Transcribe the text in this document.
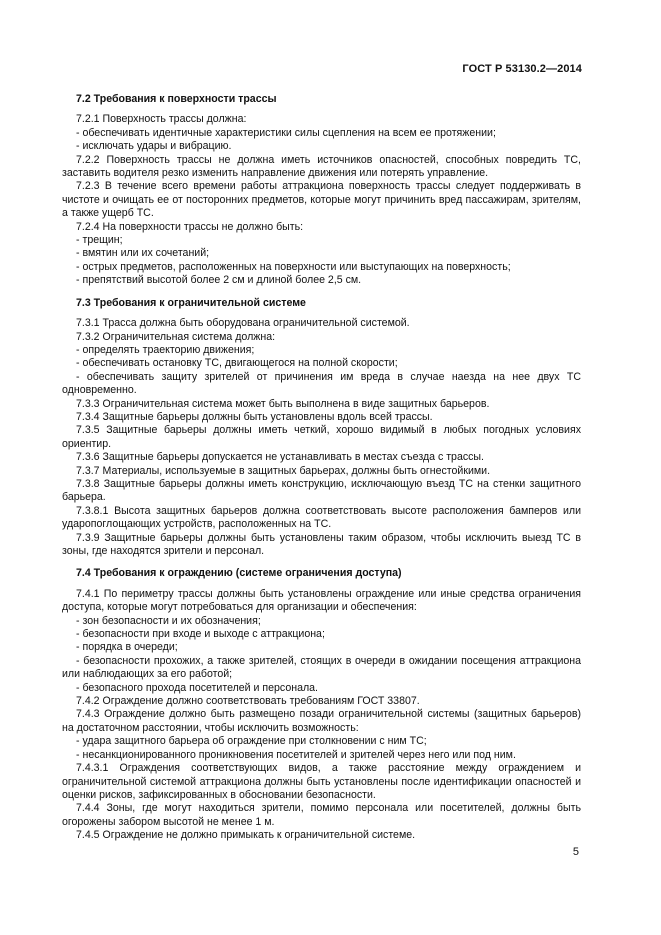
ГОСТ Р 53130.2—2014
7.2 Требования к поверхности трассы

7.2.1 Поверхность трассы должна:

- обеспечивать идентичные характеристики силы сцепления на всем ее протяжении;

- исключать удары и вибрацию.

7.2.2 Поверхность трассы не должна иметь источников опасностей, способных повредить ТС, заставить водителя резко изменить направление движения или потерять управление.

7.2.3 В течение всего времени работы аттракциона поверхность трассы следует поддерживать в чистоте и очищать ее от посторонних предметов, которые могут причинить вред пассажирам, зрителям, а также ущерб ТС.

7.2.4 На поверхности трассы не должно быть:

- трещин;

- вмятин или их сочетаний;

- острых предметов, расположенных на поверхности или выступающих на поверхность;

- препятствий высотой более 2 см и длиной более 2,5 см.

7.3 Требования к ограничительной системе

7.3.1 Трасса должна быть оборудована ограничительной системой.

7.3.2 Ограничительная система должна:

- определять траекторию движения;

- обеспечивать остановку ТС, двигающегося на полной скорости;

- обеспечивать защиту зрителей от причинения им вреда в случае наезда на нее двух ТС одновременно.

7.3.3 Ограничительная система может быть выполнена в виде защитных барьеров.

7.3.4 Защитные барьеры должны быть установлены вдоль всей трассы.

7.3.5 Защитные барьеры должны иметь четкий, хорошо видимый в любых погодных условиях ориентир.

7.3.6 Защитные барьеры допускается не устанавливать в местах съезда с трассы.

7.3.7 Материалы, используемые в защитных барьерах, должны быть огнестойкими.

7.3.8 Защитные барьеры должны иметь конструкцию, исключающую въезд ТС на стенки защитного барьера.

7.3.8.1 Высота защитных барьеров должна соответствовать высоте расположения бамперов или ударопоглощающих устройств, расположенных на ТС.

7.3.9 Защитные барьеры должны быть установлены таким образом, чтобы исключить выезд ТС в зоны, где находятся зрители и персонал.

7.4 Требования к ограждению (системе ограничения доступа)

7.4.1 По периметру трассы должны быть установлены ограждение или иные средства ограничения доступа, которые могут потребоваться для организации и обеспечения:

- зон безопасности и их обозначения;

- безопасности при входе и выходе с аттракциона;

- порядка в очереди;

- безопасности прохожих, а также зрителей, стоящих в очереди в ожидании посещения аттракциона или наблюдающих за его работой;

- безопасного прохода посетителей и персонала.

7.4.2 Ограждение должно соответствовать требованиям ГОСТ 33807.

7.4.3 Ограждение должно быть размещено позади ограничительной системы (защитных барьеров) на достаточном расстоянии, чтобы исключить возможность:

- удара защитного барьера об ограждение при столкновении с ним ТС;

- несанкционированного проникновения посетителей и зрителей через него или под ним.

7.4.3.1 Ограждения соответствующих видов, а также расстояние между ограждением и ограничительной системой аттракциона должны быть установлены после идентификации опасностей и оценки рисков, зафиксированных в обосновании безопасности.

7.4.4 Зоны, где могут находиться зрители, помимо персонала или посетителей, должны быть огорожены забором высотой не менее 1 м.

7.4.5 Ограждение не должно примыкать к ограничительной системе.

5
